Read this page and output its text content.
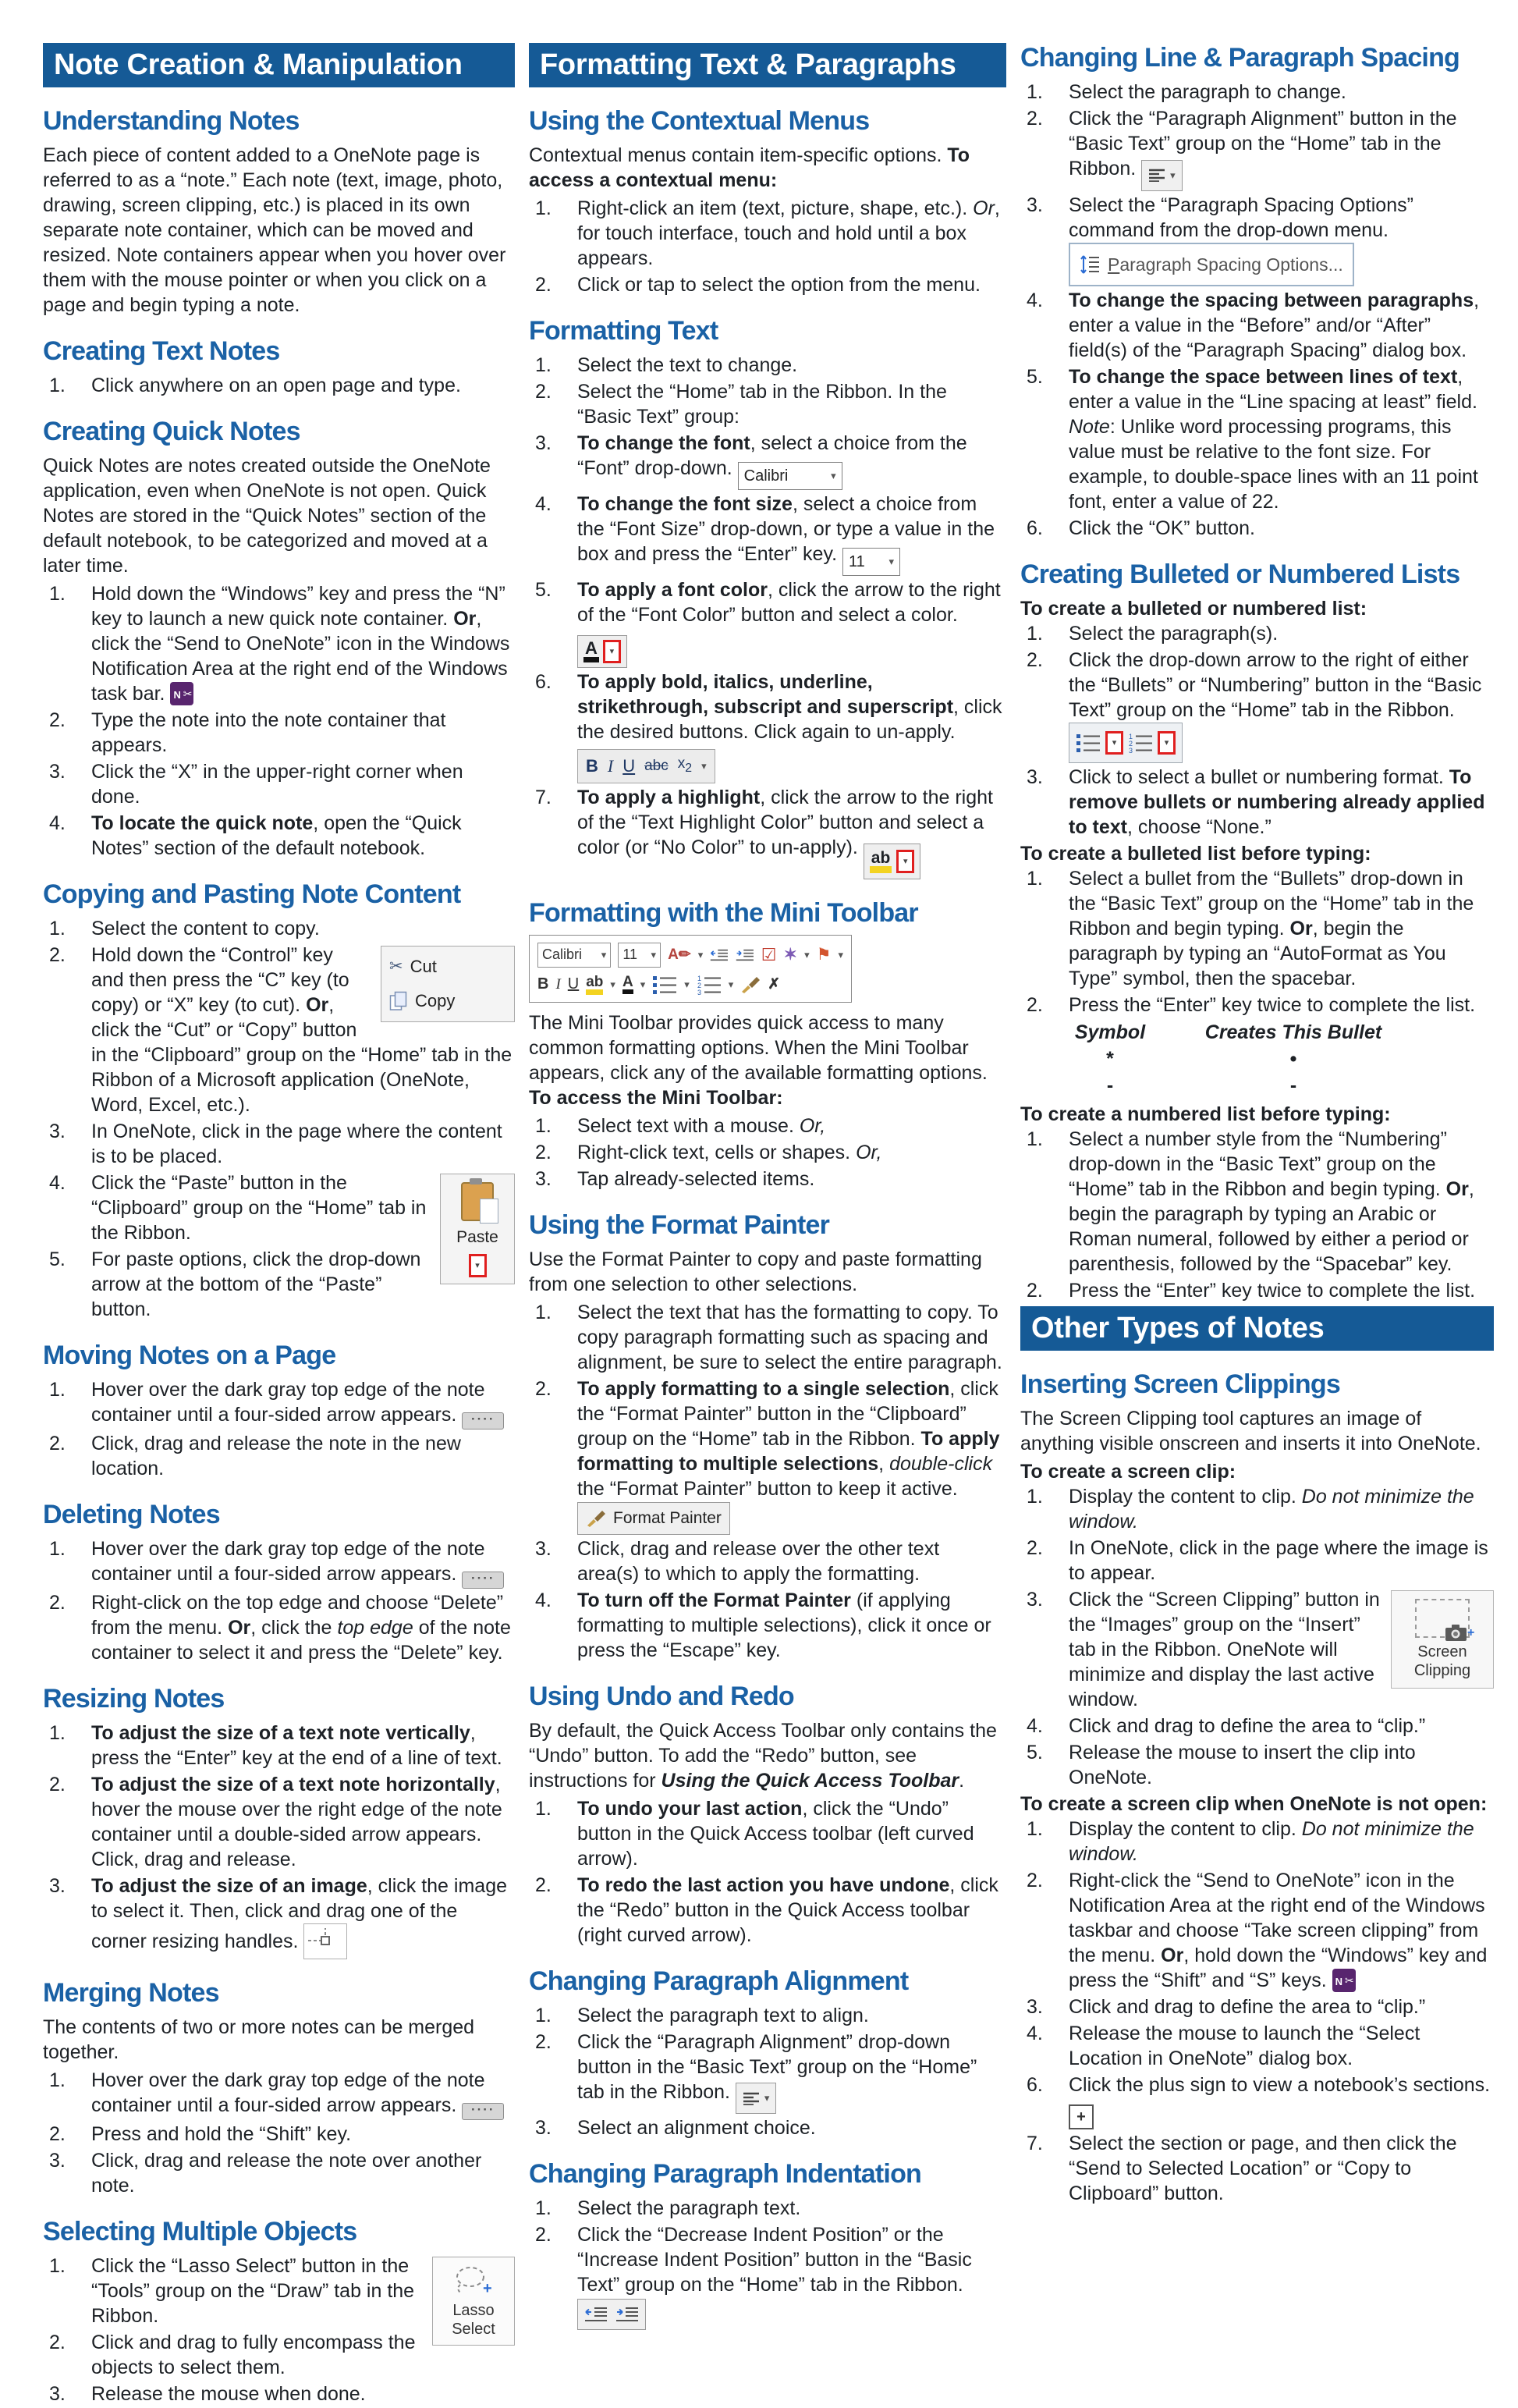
Note Creation & Manipulation
Understanding Notes
Each piece of content added to a OneNote page is referred to as a “note.” Each note (text, image, photo, drawing, screen clipping, etc.) is placed in its own separate note container, which can be moved and resized. Note containers appear when you hover over them with the mouse pointer or when you click on a page and begin typing a note.
Creating Text Notes
1. Click anywhere on an open page and type.
Creating Quick Notes
Quick Notes are notes created outside the OneNote application, even when OneNote is not open. Quick Notes are stored in the “Quick Notes” section of the default notebook, to be categorized and moved at a later time.
1. Hold down the “Windows” key and press the “N” key to launch a new quick note container. Or, click the “Send to OneNote” icon in the Windows Notification Area at the right end of the Windows task bar. N ✂
2. Type the note into the note container that appears.
3. Click the “X” in the upper-right corner when done.
4. To locate the quick note, open the “Quick Notes” section of the default notebook.
Copying and Pasting Note Content
1. Select the content to copy.
✂ Cut
Copy
2. Hold down the “Control” key and then press the “C” key (to copy) or “X” key (to cut). Or, click the “Cut” or “Copy” button in the “Clipboard” group on the “Home” tab in the Ribbon of a Microsoft application (OneNote, Word, Excel, etc.).
3. In OneNote, click in the page where the content is to be placed.
Paste
▾
4. Click the “Paste” button in the “Clipboard” group on the “Home” tab in the Ribbon.
5. For paste options, click the drop-down arrow at the bottom of the “Paste” button.
Moving Notes on a Page
1. Hover over the dark gray top edge of the note container until a four-sided arrow appears. ····
2. Click, drag and release the note in the new location.
Deleting Notes
1. Hover over the dark gray top edge of the note container until a four-sided arrow appears. ····
2. Right-click on the top edge and choose “Delete” from the menu. Or, click the top edge of the note container to select it and press the “Delete” key.
Resizing Notes
1. To adjust the size of a text note vertically, press the “Enter” key at the end of a line of text.
2. To adjust the size of a text note horizontally, hover the mouse over the right edge of the note container until a double-sided arrow appears. Click, drag and release.
3. To adjust the size of an image, click the image to select it. Then, click and drag one of the corner resizing handles.
Merging Notes
The contents of two or more notes can be merged together.
1. Hover over the dark gray top edge of the note container until a four-sided arrow appears. ····
2. Press and hold the “Shift” key.
3. Click, drag and release the note over another note.
Selecting Multiple Objects
+
Lasso
Select
1. Click the “Lasso Select” button in the “Tools” group on the “Draw” tab in the Ribbon.
2. Click and drag to fully encompass the objects to select them.
3. Release the mouse when done.
Formatting Text & Paragraphs
Using the Contextual Menus
Contextual menus contain item-specific options. To access a contextual menu:
1. Right-click an item (text, picture, shape, etc.). Or, for touch interface, touch and hold until a box appears.
2. Click or tap to select the option from the menu.
Formatting Text
1. Select the text to change.
2. Select the “Home” tab in the Ribbon. In the “Basic Text” group:
3. To change the font, select a choice from the “Font” drop-down. Calibri	▾
4. To change the font size, select a choice from the “Font Size” drop-down, or type a value in the box and press the “Enter” key. 11 ▾
5. To apply a font color, click the arrow to the right of the “Font Color” button and select a color.
A	▾
6. To apply bold, italics, underline, strikethrough, subscript and superscript, click the desired buttons. Click again to un-apply.
B I U abc $x_2$ ▾
7. To apply a highlight, click the arrow to the right of the “Text Highlight Color” button and select a color (or “No Color” to un-apply). ab	▾
Formatting with the Mini Toolbar
Calibri ▾	11 ▾ A✏ ▾	☑ ✶ ▾ ⚑ ▾
B I U ab ▾ A ▾	▾ 1
2
3
▾ ✗
The Mini Toolbar provides quick access to many common formatting options. When the Mini Toolbar appears, click any of the available formatting options. To access the Mini Toolbar:
1. Select text with a mouse. Or,
2. Right-click text, cells or shapes. Or,
3. Tap already-selected items.
Using the Format Painter
Use the Format Painter to copy and paste formatting from one selection to other selections.
1. Select the text that has the formatting to copy. To copy paragraph formatting such as spacing and alignment, be sure to select the entire paragraph.
2. To apply formatting to a single selection, click the “Format Painter” button in the “Clipboard” group on the “Home” tab in the Ribbon. To apply formatting to multiple selections, double-click the “Format Painter” button to keep it active.
Format Painter
3. Click, drag and release over the other text area(s) to which to apply the formatting.
4. To turn off the Format Painter (if applying formatting to multiple selections), click it once or press the “Escape” key.
Using Undo and Redo
By default, the Quick Access Toolbar only contains the “Undo” button. To add the “Redo” button, see instructions for Using the Quick Access Toolbar.
1. To undo your last action, click the “Undo” button in the Quick Access toolbar (left curved arrow).
2. To redo the last action you have undone, click the “Redo” button in the Quick Access toolbar (right curved arrow).
Changing Paragraph Alignment
1. Select the paragraph text to align.
2. Click the “Paragraph Alignment” drop-down button in the “Basic Text” group on the “Home” tab in the Ribbon.	▾
3. Select an alignment choice.
Changing Paragraph Indentation
1. Select the paragraph text.
2. Click the “Decrease Indent Position” or the “Increase Indent Position” button in the “Basic Text” group on the “Home” tab in the Ribbon.
Changing Line & Paragraph Spacing
1. Select the paragraph to change.
2. Click the “Paragraph Alignment” button in the “Basic Text” group on the “Home” tab in the Ribbon.	▾
3. Select the “Paragraph Spacing Options” command from the drop-down menu.
Paragraph Spacing Options...
4. To change the spacing between paragraphs, enter a value in the “Before” and/or “After” field(s) of the “Paragraph Spacing” dialog box.
5. To change the space between lines of text, enter a value in the “Line spacing at least” field. Note: Unlike word processing programs, this value must be relative to the font size. For example, to double-space lines with an 11 point font, enter a value of 22.
6. Click the “OK” button.
Creating Bulleted or Numbered Lists
To create a bulleted or numbered list:
1. Select the paragraph(s).
2. Click the drop-down arrow to the right of either the “Bullets” or “Numbering” button in the “Basic Text” group on the “Home” tab in the Ribbon.
▾
1
2
3
▾
3. Click to select a bullet or numbering format. To remove bullets or numbering already applied to text, choose “None.”
To create a bulleted list before typing:
1. Select a bullet from the “Bullets” drop-down in the “Basic Text” group on the “Home” tab in the Ribbon and begin typing. Or, begin the paragraph by typing an “AutoFormat as You Type” symbol, then the spacebar.
2. Press the “Enter” key twice to complete the list.
Symbol	Creates This Bullet
*	•
-	-
To create a numbered list before typing:
1. Select a number style from the “Numbering” drop-down in the “Basic Text” group on the “Home” tab in the Ribbon and begin typing. Or, begin the paragraph by typing an Arabic or Roman numeral, followed by either a period or parenthesis, followed by the “Spacebar” key.
2. Press the “Enter” key twice to complete the list.
Other Types of Notes
Inserting Screen Clippings
The Screen Clipping tool captures an image of anything visible onscreen and inserts it into OneNote.
To create a screen clip:
1. Display the content to clip. Do not minimize the window.
2. In OneNote, click in the page where the image is to appear.
+
Screen
Clipping
3. Click the “Screen Clipping” button in the “Images” group on the “Insert” tab in the Ribbon. OneNote will minimize and display the last active window.
4. Click and drag to define the area to “clip.”
5. Release the mouse to insert the clip into OneNote.
To create a screen clip when OneNote is not open:
1. Display the content to clip. Do not minimize the window.
2. Right-click the “Send to OneNote” icon in the Notification Area at the right end of the Windows taskbar and choose “Take screen clipping” from the menu. Or, hold down the “Windows” key and press the “Shift” and “S” keys. N ✂
3. Click and drag to define the area to “clip.”
4. Release the mouse to launch the “Select Location in OneNote” dialog box.
6. Click the plus sign to view a notebook’s sections. +
7. Select the section or page, and then click the “Send to Selected Location” or “Copy to Clipboard” button.
